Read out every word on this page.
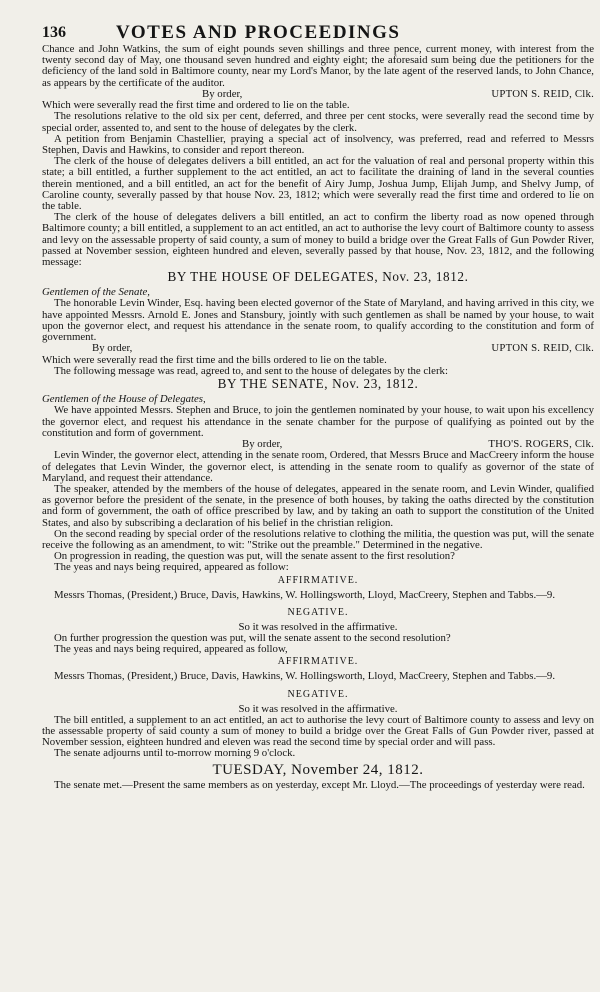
136	VOTES AND PROCEEDINGS

Chance and John Watkins, the sum of eight pounds seven shillings and three pence, current money, with interest from the twenty second day of May, one thousand seven hundred and eighty eight; the aforesaid sum being due the petitioners for the deficiency of the land sold in Baltimore county, near my Lord's Manor, by the late agent of the reserved lands, to John Chance, as appears by the certificate of the auditor.

By order,	UPTON S. REID, Clk.

Which were severally read the first time and ordered to lie on the table.

The resolutions relative to the old six per cent, deferred, and three per cent stocks, were severally read the second time by special order, assented to, and sent to the house of delegates by the clerk.

A petition from Benjamin Chastellier, praying a special act of insolvency, was preferred, read and referred to Messrs Stephen, Davis and Hawkins, to consider and report thereon.

The clerk of the house of delegates delivers a bill entitled, an act for the valuation of real and personal property within this state; a bill entitled, a further supplement to the act entitled, an act to facilitate the draining of land in the several counties therein mentioned, and a bill entitled, an act for the benefit of Airy Jump, Joshua Jump, Elijah Jump, and Shelvy Jump, of Caroline county, severally passed by that house Nov. 23, 1812; which were severally read the first time and ordered to lie on the table.

The clerk of the house of delegates delivers a bill entitled, an act to confirm the liberty road as now opened through Baltimore county; a bill entitled, a supplement to an act entitled, an act to authorise the levy court of Baltimore county to assess and levy on the assessable property of said county, a sum of money to build a bridge over the Great Falls of Gun Powder River, passed at November session, eighteen hundred and eleven, severally passed by that house, Nov. 23, 1812, and the following message:

BY THE HOUSE OF DELEGATES, Nov. 23, 1812.

Gentlemen of the Senate,

The honorable Levin Winder, Esq. having been elected governor of the State of Maryland, and having arrived in this city, we have appointed Messrs. Arnold E. Jones and Stansbury, jointly with such gentlemen as shall be named by your house, to wait upon the governor elect, and request his attendance in the senate room, to qualify according to the constitution and form of government.

By order,	UPTON S. REID, Clk.

Which were severally read the first time and the bills ordered to lie on the table.

The following message was read, agreed to, and sent to the house of delegates by the clerk:

BY THE SENATE, Nov. 23, 1812.

Gentlemen of the House of Delegates,

We have appointed Messrs. Stephen and Bruce, to join the gentlemen nominated by your house, to wait upon his excellency the governor elect, and request his attendance in the senate chamber for the purpose of qualifying as pointed out by the constitution and form of government.

By order,	THO'S. ROGERS, Clk.

Levin Winder, the governor elect, attending in the senate room, Ordered, that Messrs Bruce and MacCreery inform the house of delegates that Levin Winder, the governor elect, is attending in the senate room to qualify as governor of the state of Maryland, and request their attendance.

The speaker, attended by the members of the house of delegates, appeared in the senate room, and Levin Winder, qualified as governor before the president of the senate, in the presence of both houses, by taking the oaths directed by the constitution and form of government, the oath of office prescribed by law, and by taking an oath to support the constitution of the United States, and also by subscribing a declaration of his belief in the christian religion.

On the second reading by special order of the resolutions relative to clothing the militia, the question was put, will the senate receive the following as an amendment, to wit: "Strike out the preamble." Determined in the negative.

On progression in reading, the question was put, will the senate assent to the first resolution?

The yeas and nays being required, appeared as follow:

AFFIRMATIVE.

Messrs Thomas, (President,) Bruce, Davis, Hawkins, W. Hollingsworth, Lloyd, MacCreery, Stephen and Tabbs.—9.

NEGATIVE.

So it was resolved in the affirmative.

On further progression the question was put, will the senate assent to the second resolution?

The yeas and nays being required, appeared as follow,

AFFIRMATIVE.

Messrs Thomas, (President,) Bruce, Davis, Hawkins, W. Hollingsworth, Lloyd, MacCreery, Stephen and Tabbs.—9.

NEGATIVE.

So it was resolved in the affirmative.

The bill entitled, a supplement to an act entitled, an act to authorise the levy court of Baltimore county to assess and levy on the assessable property of said county a sum of money to build a bridge over the Great Falls of Gun Powder river, passed at November session, eighteen hundred and eleven was read the second time by special order and will pass.

The senate adjourns until to-morrow morning 9 o'clock.

TUESDAY, November 24, 1812.

The senate met.—Present the same members as on yesterday, except Mr. Lloyd.—The proceedings of yesterday were read.
